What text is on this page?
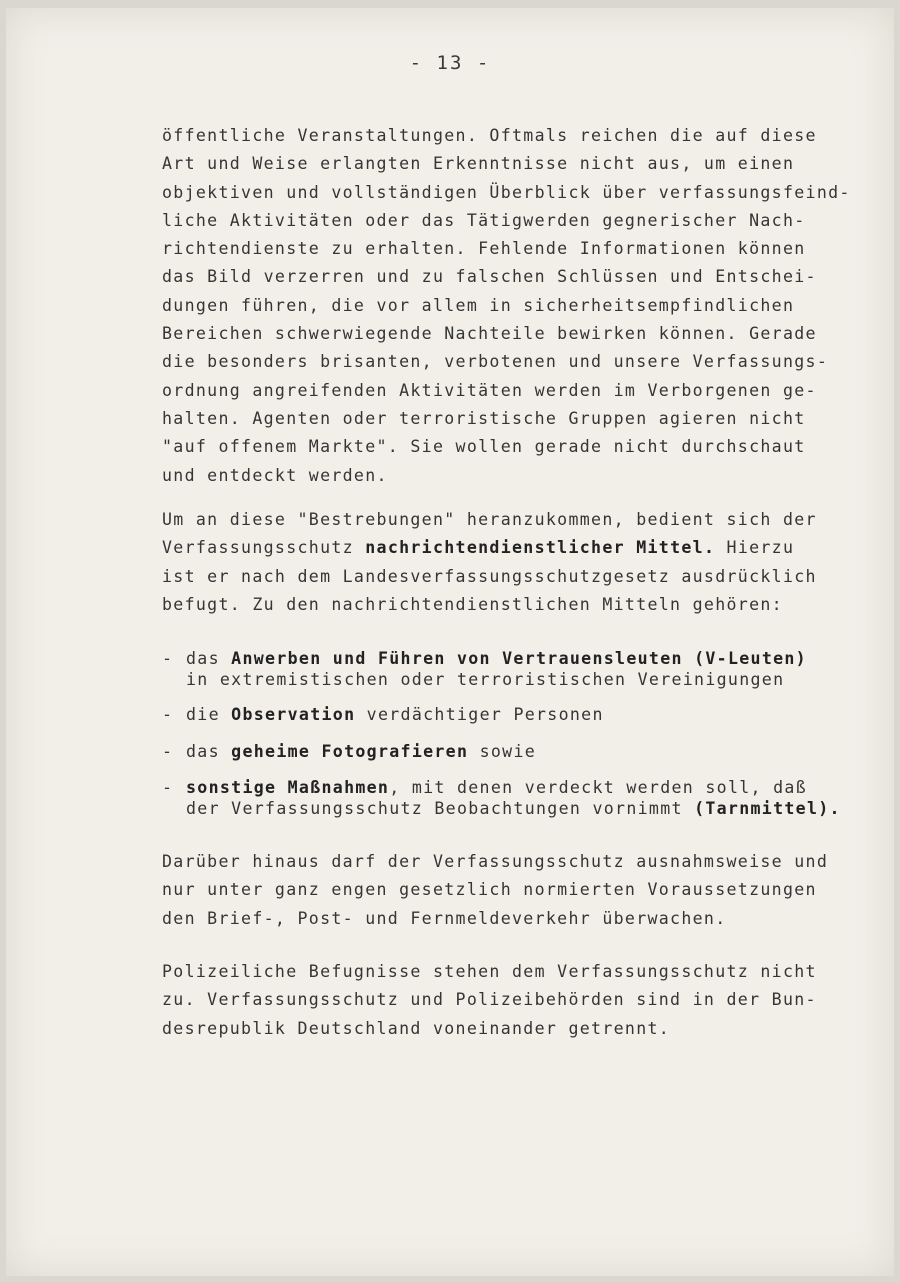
- 13 -
öffentliche Veranstaltungen. Oftmals reichen die auf diese
Art und Weise erlangten Erkenntnisse nicht aus, um einen
objektiven und vollständigen Überblick über verfassungsfeind-
liche Aktivitäten oder das Tätigwerden gegnerischer Nach-
richtendienste zu erhalten. Fehlende Informationen können
das Bild verzerren und zu falschen Schlüssen und Entschei-
dungen führen, die vor allem in sicherheitsempfindlichen
Bereichen schwerwiegende Nachteile bewirken können. Gerade
die besonders brisanten, verbotenen und unsere Verfassungs-
ordnung angreifenden Aktivitäten werden im Verborgenen ge-
halten. Agenten oder terroristische Gruppen agieren nicht
"auf offenem Markte". Sie wollen gerade nicht durchschaut
und entdeckt werden.
Um an diese "Bestrebungen" heranzukommen, bedient sich der
Verfassungsschutz nachrichtendienstlicher Mittel. Hierzu
ist er nach dem Landesverfassungsschutzgesetz ausdrücklich
befugt. Zu den nachrichtendienstlichen Mitteln gehören:
- das Anwerben und Führen von Vertrauensleuten (V-Leuten)
in extremistischen oder terroristischen Vereinigungen
- die Observation verdächtiger Personen
- das geheime Fotografieren sowie
- sonstige Maßnahmen, mit denen verdeckt werden soll, daß
der Verfassungsschutz Beobachtungen vornimmt (Tarnmittel).
Darüber hinaus darf der Verfassungsschutz ausnahmsweise und
nur unter ganz engen gesetzlich normierten Voraussetzungen
den Brief-, Post- und Fernmeldeverkehr überwachen.
Polizeiliche Befugnisse stehen dem Verfassungsschutz nicht
zu. Verfassungsschutz und Polizeibehörden sind in der Bun-
desrepublik Deutschland voneinander getrennt.
